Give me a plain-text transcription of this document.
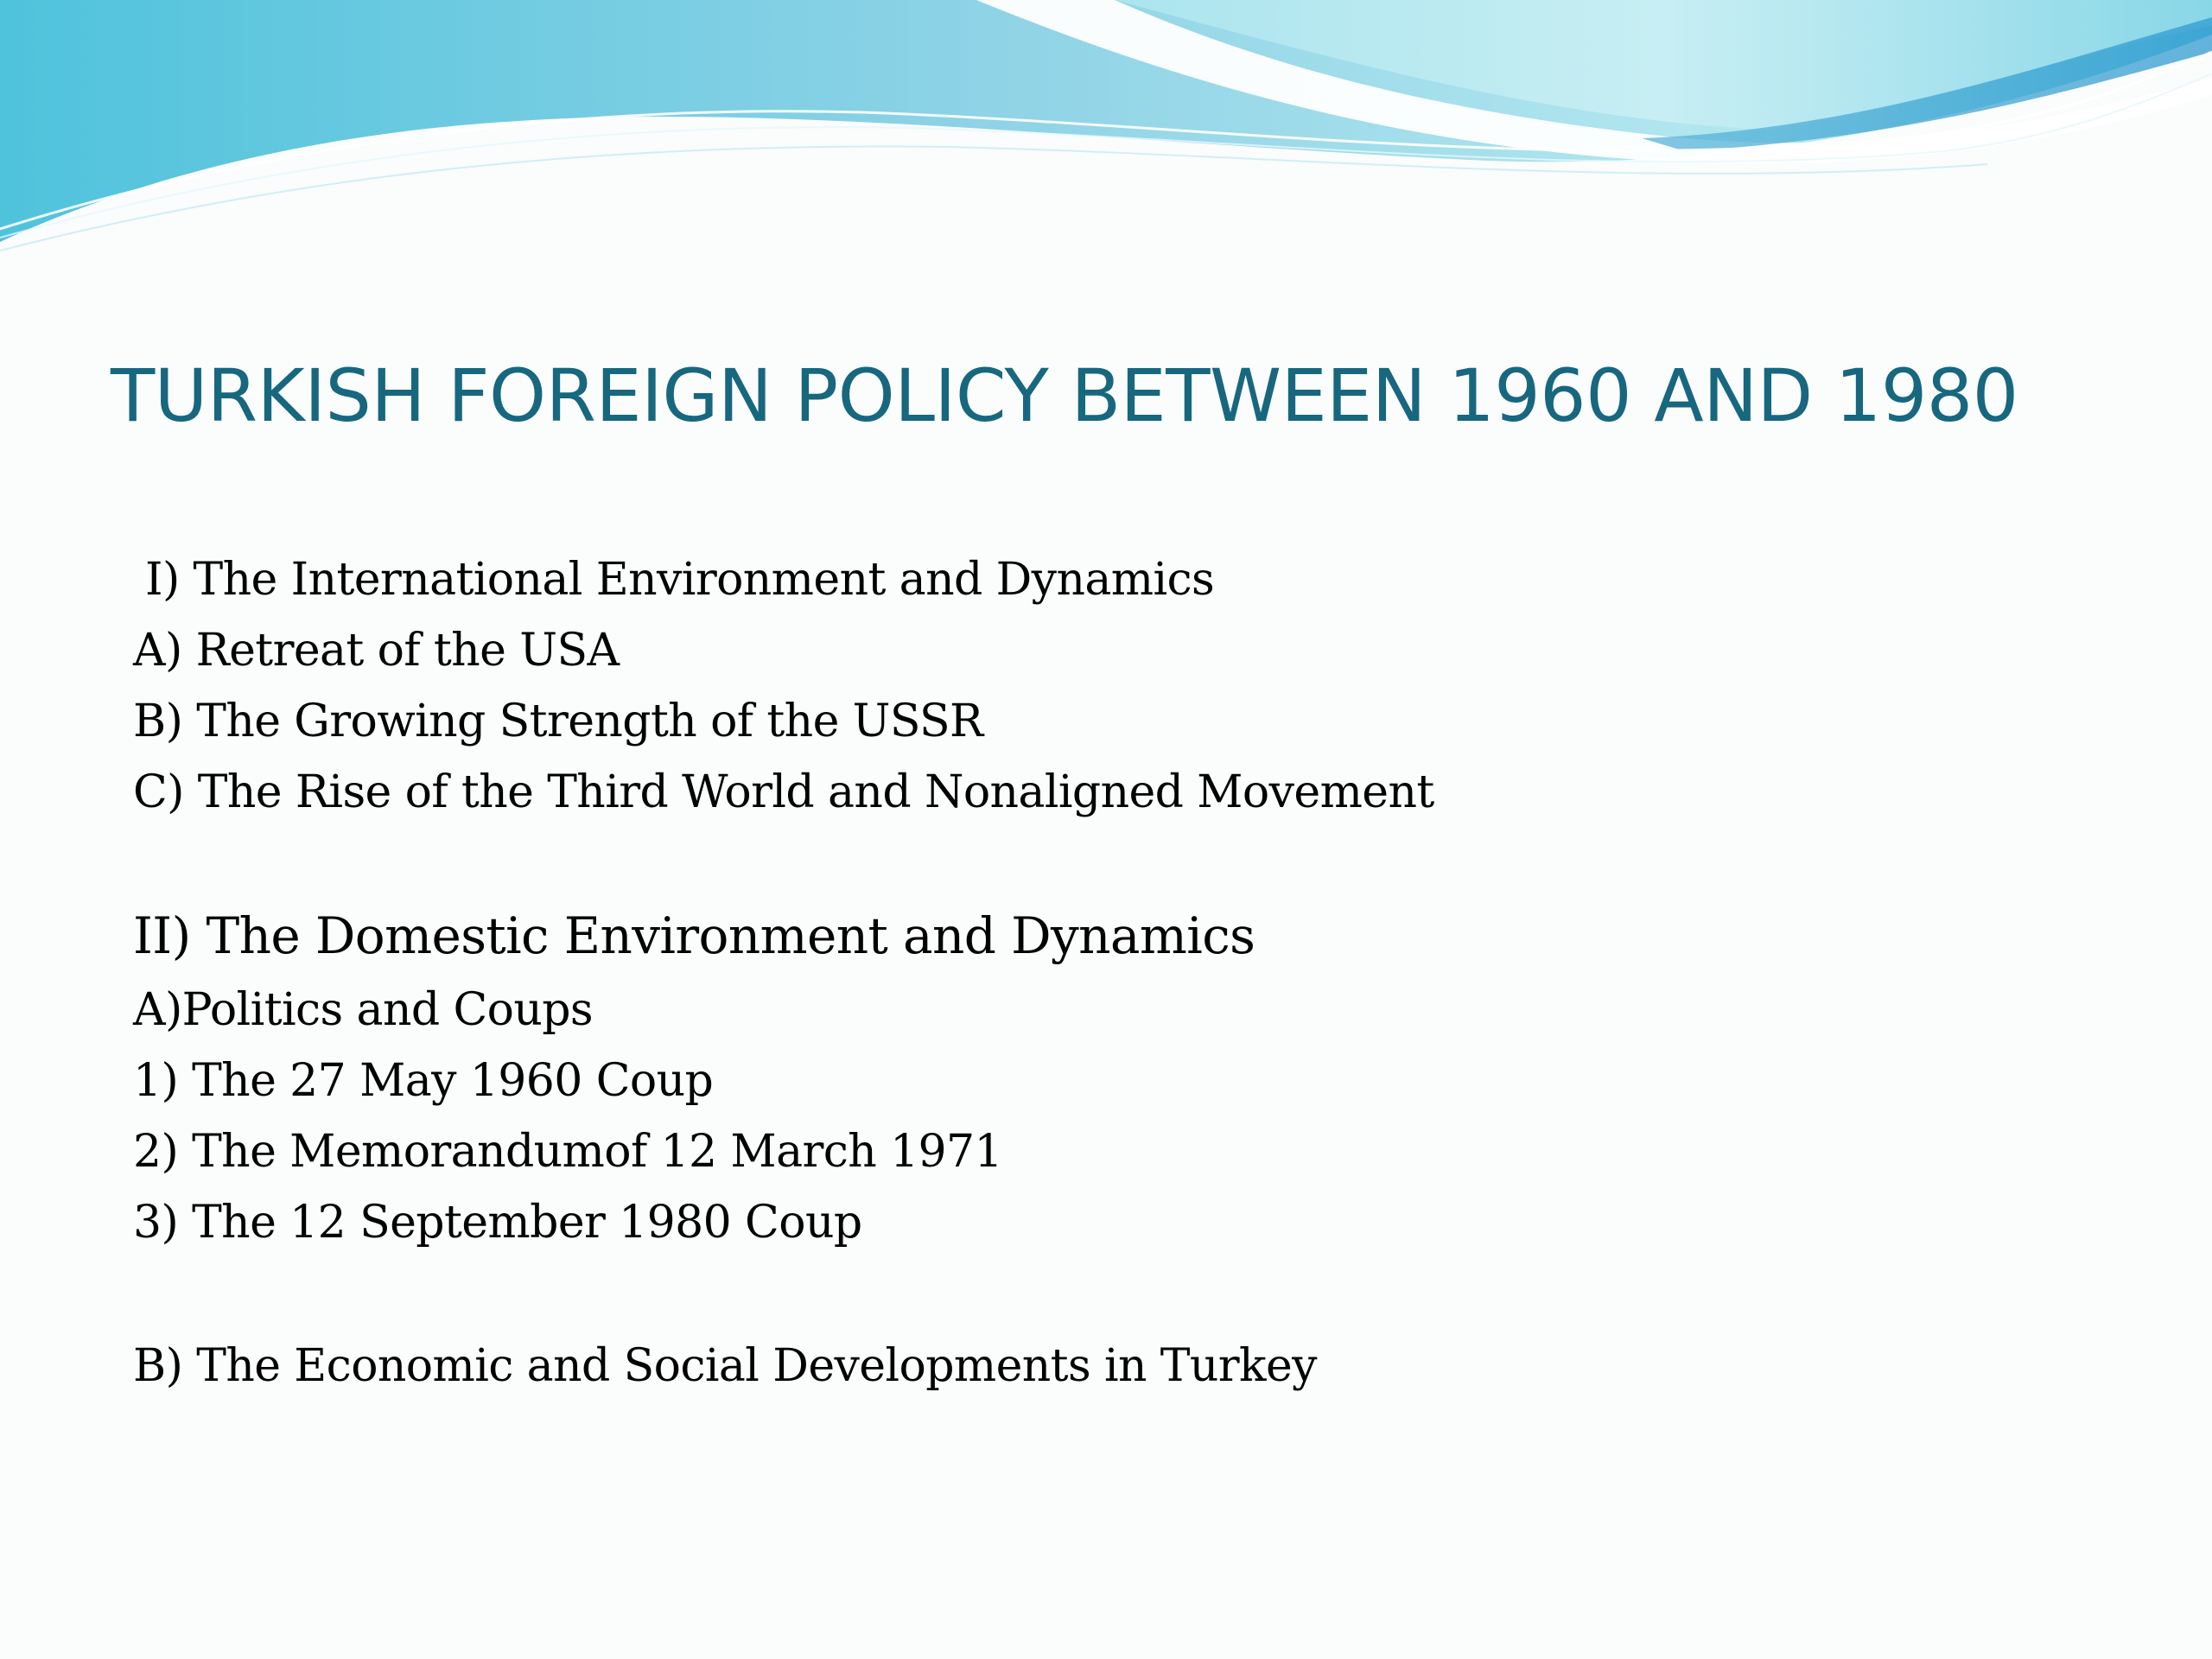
TURKISH FOREIGN POLICY BETWEEN 1960 AND 1980

I) The International Environment and Dynamics

A) Retreat of the USA

B) The Growing Strength of the USSR

C) The Rise of the Third World and Nonaligned Movement

II) The Domestic Environment and Dynamics

A)Politics and Coups

1) The 27 May 1960 Coup

2) The Memorandumof 12 March 1971

3) The 12 September 1980 Coup

B) The Economic and Social Developments in Turkey
